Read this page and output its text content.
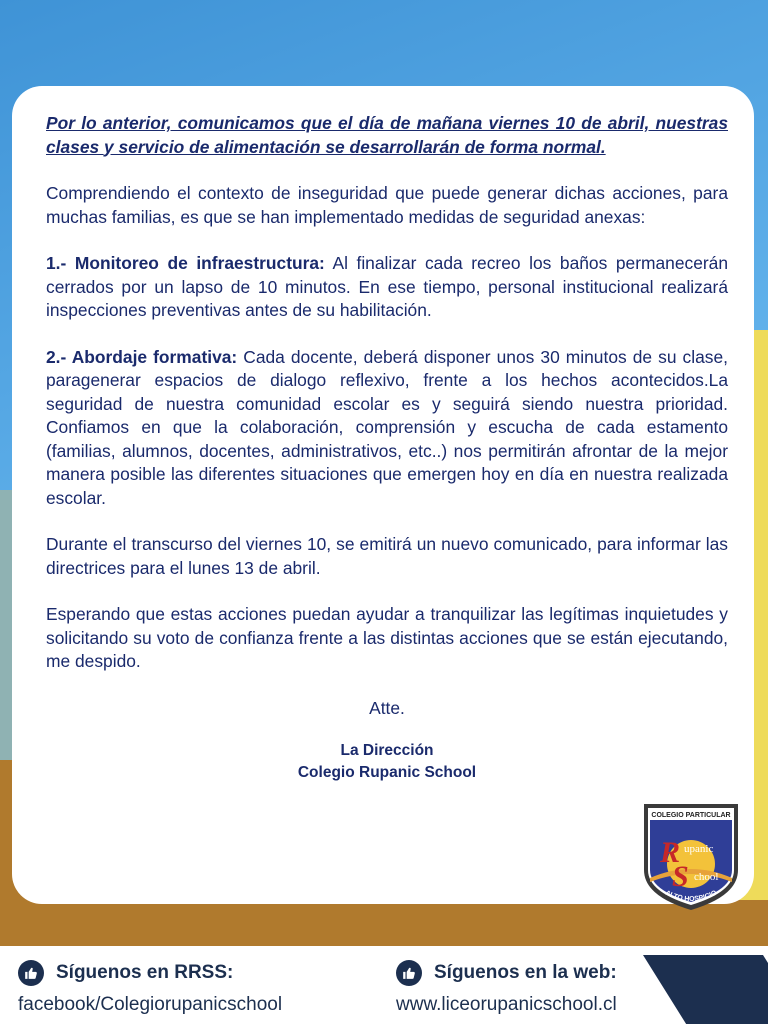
Por lo anterior, comunicamos que el día de mañana viernes 10 de abril, nuestras clases y servicio de alimentación se desarrollarán de forma normal.

Comprendiendo el contexto de inseguridad que puede generar dichas acciones, para muchas familias, es que se han implementado medidas de seguridad anexas:

1.- Monitoreo de infraestructura: Al finalizar cada recreo los baños permanecerán cerrados por un lapso de 10 minutos. En ese tiempo, personal institucional realizará inspecciones preventivas antes de su habilitación.

2.- Abordaje formativa: Cada docente, deberá disponer unos 30 minutos de su clase, paragenerar espacios de dialogo reflexivo, frente a los hechos acontecidos.La seguridad de nuestra comunidad escolar es y seguirá siendo nuestra prioridad. Confiamos en que la colaboración, comprensión y escucha de cada estamento (familias, alumnos, docentes, administrativos, etc..) nos permitirán afrontar de la mejor manera posible las diferentes situaciones que emergen hoy en día en nuestra realizada escolar.

Durante el transcurso del viernes 10, se emitirá un nuevo comunicado, para informar las directrices para el lunes 13 de abril.

Esperando que estas acciones puedan ayudar a tranquilizar las legítimas inquietudes y solicitando su voto de confianza frente a las distintas acciones que se están ejecutando, me despido.

Atte.

La Dirección
Colegio Rupanic School
COLEGIO PARTICULAR
R upanic
S chool
ALTO HOSPICIO
Síguenos en RRSS:
facebook/Colegiorupanicschool
Síguenos en la web:
www.liceorupanicschool.cl
